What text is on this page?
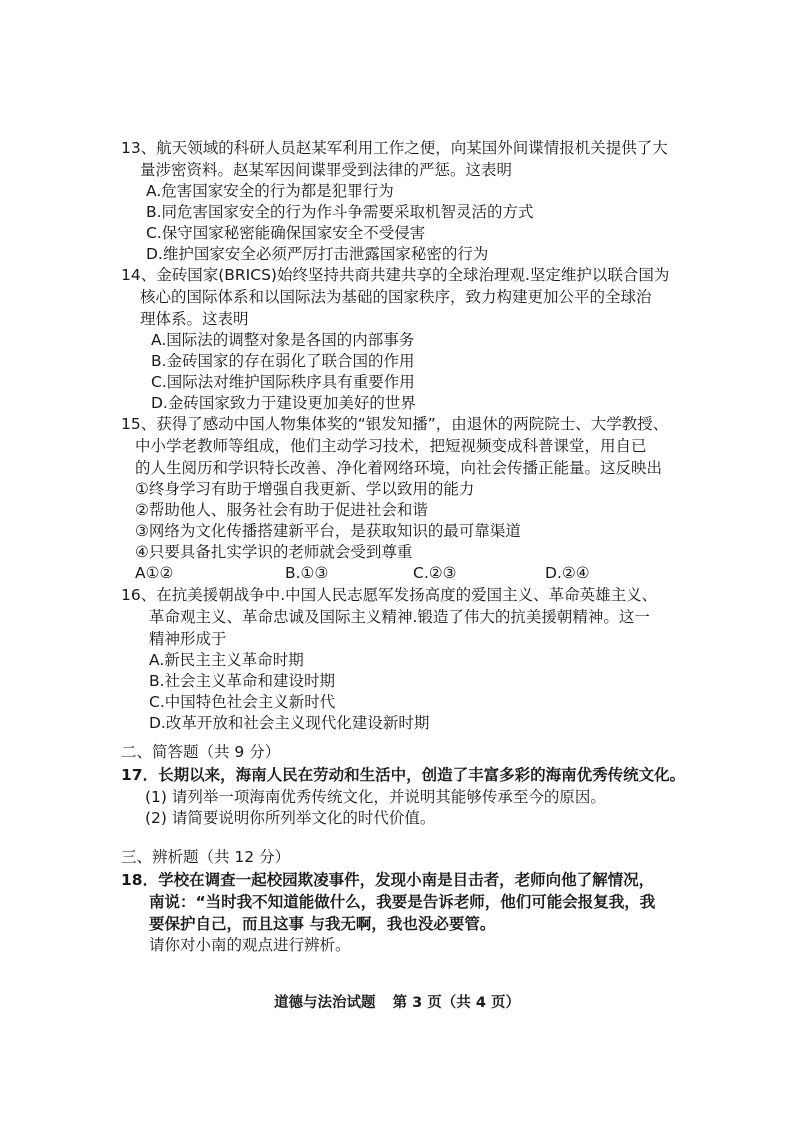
13、航天领域的科研人员赵某军利用工作之便，向某国外间谍情报机关提供了大
量涉密资料。赵某军因间谍罪受到法律的严惩。这表明
A.危害国家安全的行为都是犯罪行为
B.同危害国家安全的行为作斗争需要采取机智灵活的方式
C.保守国家秘密能确保国家安全不受侵害
D.维护国家安全必须严厉打击泄露国家秘密的行为
14、金砖国家(BRICS)始终坚持共商共建共享的全球治理观.坚定维护以联合国为
核心的国际体系和以国际法为基础的国家秩序，致力构建更加公平的全球治
理体系。这表明
A.国际法的调整对象是各国的内部事务
B.金砖国家的存在弱化了联合国的作用
C.国际法对维护国际秩序具有重要作用
D.金砖国家致力于建设更加美好的世界
15、获得了感动中国人物集体奖的“银发知播”，由退休的两院院士、大学教授、
中小学老教师等组成，他们主动学习技术，把短视频变成科普课堂，用自已
的人生阅历和学识特长改善、净化着网络环境，向社会传播正能量。这反映出
①终身学习有助于增强自我更新、学以致用的能力
②帮助他人、服务社会有助于促进社会和谐
③网络为文化传播搭建新平台，是获取知识的最可靠渠道
④只要具备扎实学识的老师就会受到尊重
A①②	B.①③	C.②③	D.②④
16、在抗美援朝战争中.中国人民志愿军发扬高度的爱国主义、革命英雄主义、
革命观主义、革命忠诚及国际主义精神.锻造了伟大的抗美援朝精神。这一
精神形成于
A.新民主主义革命时期
B.社会主义革命和建设时期
C.中国特色社会主义新时代
D.改革开放和社会主义现代化建设新时期
二、简答题（共 9 分）
17．长期以来，海南人民在劳动和生活中，创造了丰富多彩的海南优秀传统文化。
(1) 请列举一项海南优秀传统文化，并说明其能够传承至今的原因。
(2) 请简要说明你所列举文化的时代价值。
三、辨析题（共 12 分）
18．学校在调查一起校园欺凌事件，发现小南是目击者，老师向他了解情况，
南说：“当时我不知道能做什么，我要是告诉老师，他们可能会报复我，我
要保护自己，而且这事 与我无啊，我也没必要管。
请你对小南的观点进行辨析。
道德与法治试题 第 3 页（共 4 页）
